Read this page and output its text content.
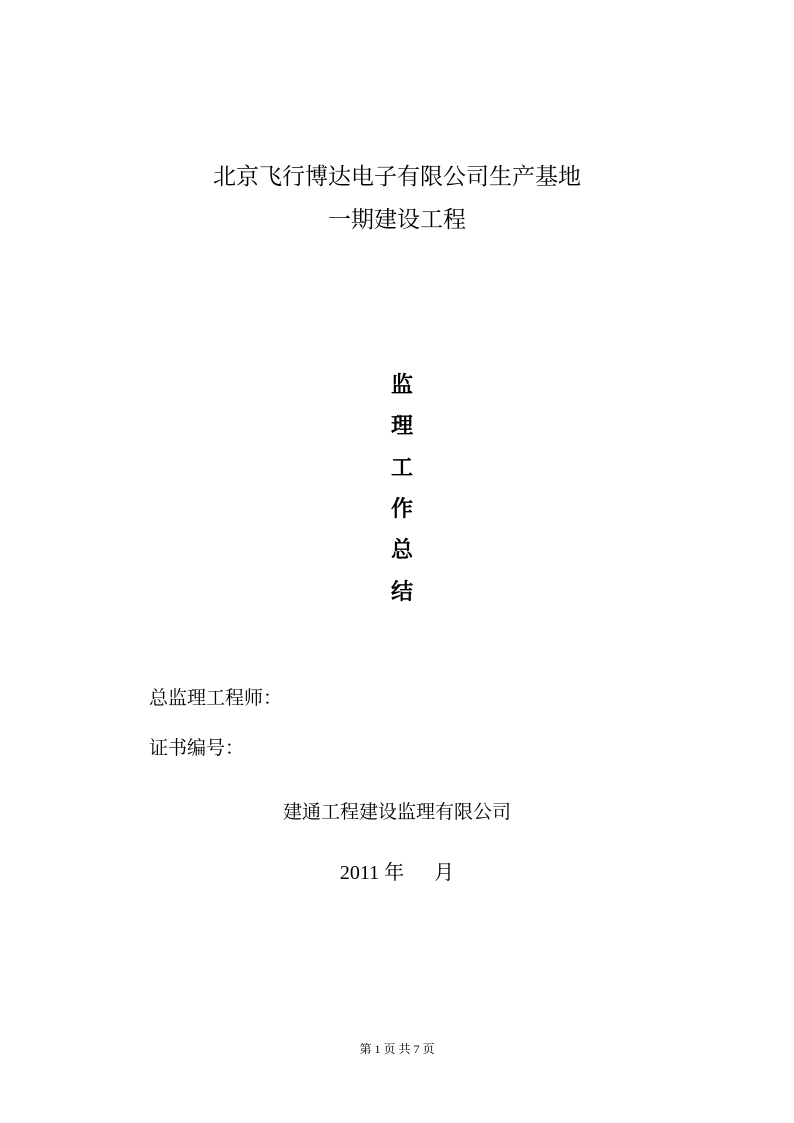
北京飞行博达电子有限公司生产基地
一期建设工程
监
理
工
作
总
结
总监理工程师：
证书编号：
建通工程建设监理有限公司
2011 年 月
第 1 页 共 7 页
